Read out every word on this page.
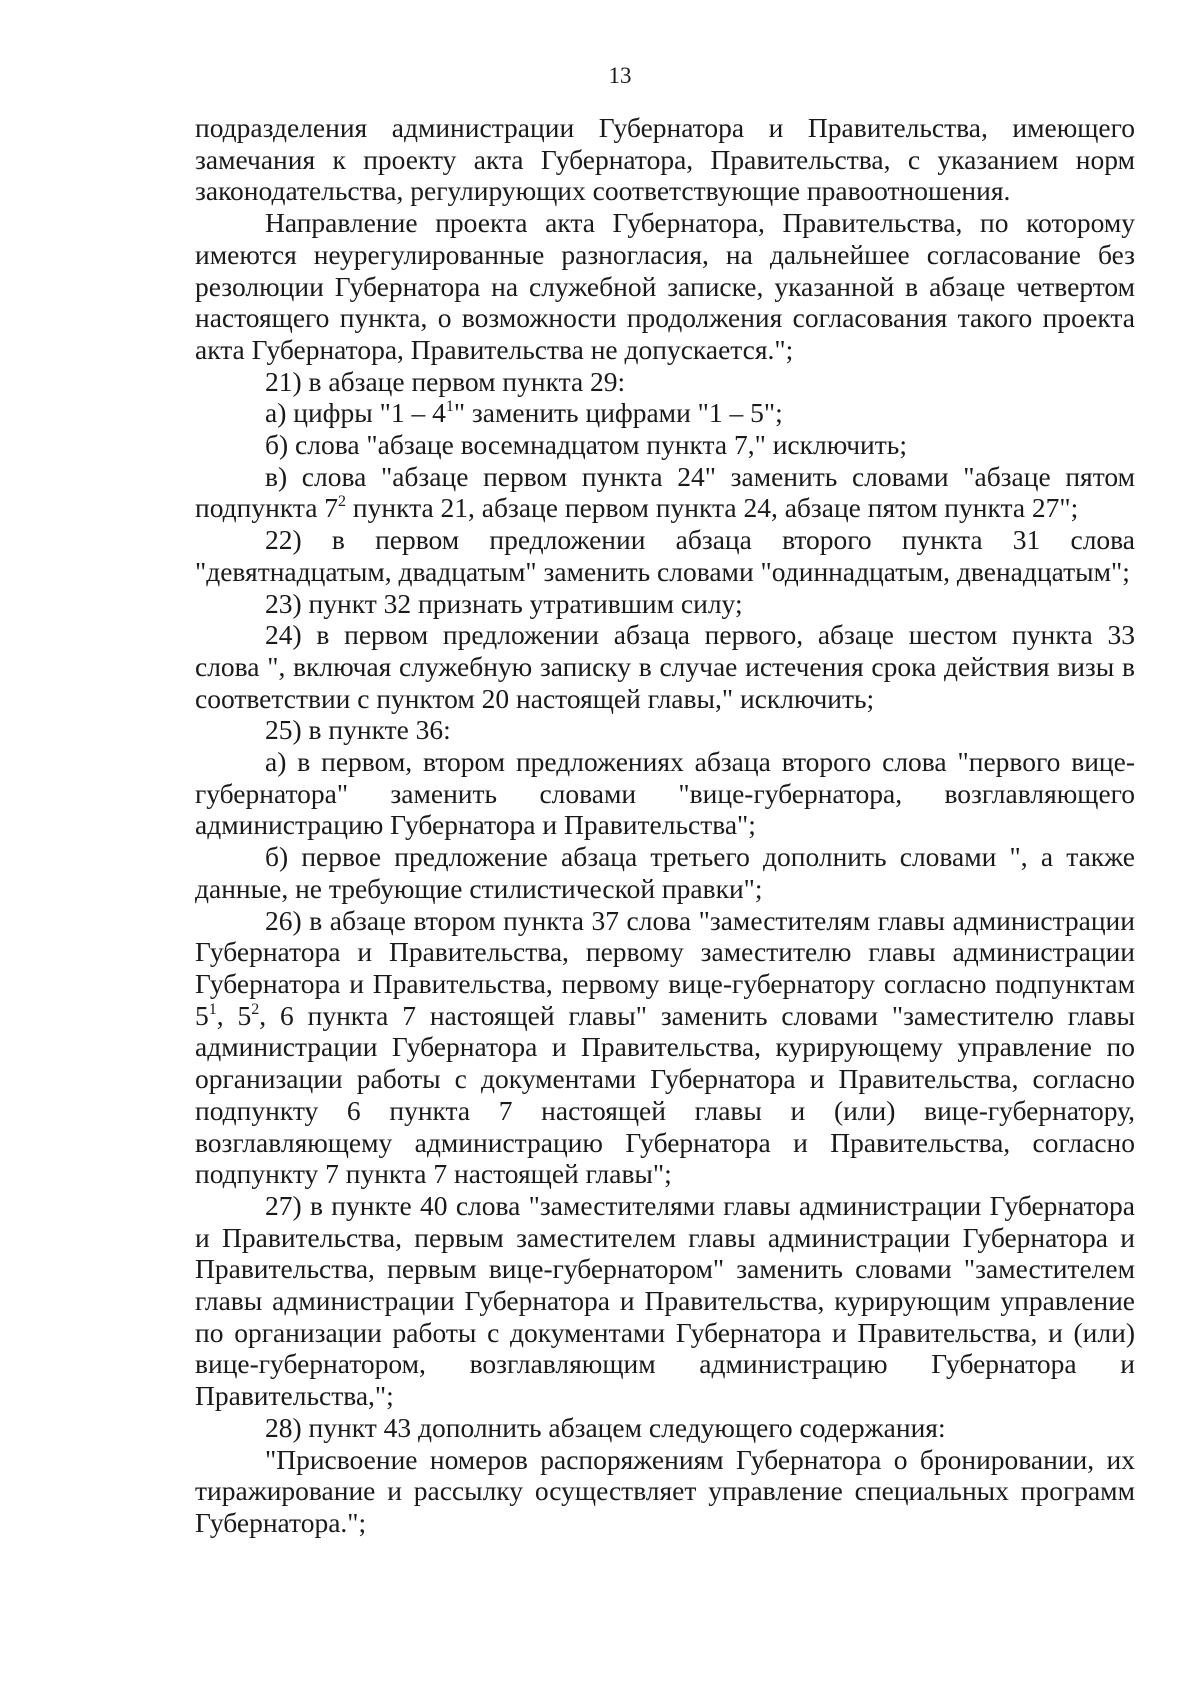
13

подразделения администрации Губернатора и Правительства, имеющего замечания к проекту акта Губернатора, Правительства, с указанием норм законодательства, регулирующих соответствующие правоотношения.

Направление проекта акта Губернатора, Правительства, по которому имеются неурегулированные разногласия, на дальнейшее согласование без резолюции Губернатора на служебной записке, указанной в абзаце четвертом настоящего пункта, о возможности продолжения согласования такого проекта акта Губернатора, Правительства не допускается.";

21) в абзаце первом пункта 29:

а) цифры "$1 - 4^1$" заменить цифрами "1 – 5";

б) слова "абзаце восемнадцатом пункта 7," исключить;

в) слова "абзаце первом пункта 24" заменить словами "абзаце пятом подпункта $7^2$ пункта 21, абзаце первом пункта 24, абзаце пятом пункта 27";

22) в первом предложении абзаца второго пункта 31 слова "девятнадцатым, двадцатым" заменить словами "одиннадцатым, двенадцатым";

23) пункт 32 признать утратившим силу;

24) в первом предложении абзаца первого, абзаце шестом пункта 33 слова ", включая служебную записку в случае истечения срока действия визы в соответствии с пунктом 20 настоящей главы," исключить;

25) в пункте 36:

а) в первом, втором предложениях абзаца второго слова "первого вице-губернатора" заменить словами "вице-губернатора, возглавляющего администрацию Губернатора и Правительства";

б) первое предложение абзаца третьего дополнить словами ", а также данные, не требующие стилистической правки";

26) в абзаце втором пункта 37 слова "заместителям главы администрации Губернатора и Правительства, первому заместителю главы администрации Губернатора и Правительства, первому вице-губернатору согласно подпунктам $5^1$, $5^2$, 6 пункта 7 настоящей главы" заменить словами "заместителю главы администрации Губернатора и Правительства, курирующему управление по организации работы с документами Губернатора и Правительства, согласно подпункту 6 пункта 7 настоящей главы и (или) вице-губернатору, возглавляющему администрацию Губернатора и Правительства, согласно подпункту 7 пункта 7 настоящей главы";

27) в пункте 40 слова "заместителями главы администрации Губернатора и Правительства, первым заместителем главы администрации Губернатора и Правительства, первым вице-губернатором" заменить словами "заместителем главы администрации Губернатора и Правительства, курирующим управление по организации работы с документами Губернатора и Правительства, и (или) вице-губернатором, возглавляющим администрацию Губернатора и Правительства,";

28) пункт 43 дополнить абзацем следующего содержания:

"Присвоение номеров распоряжениям Губернатора о бронировании, их тиражирование и рассылку осуществляет управление специальных программ Губернатора.";
